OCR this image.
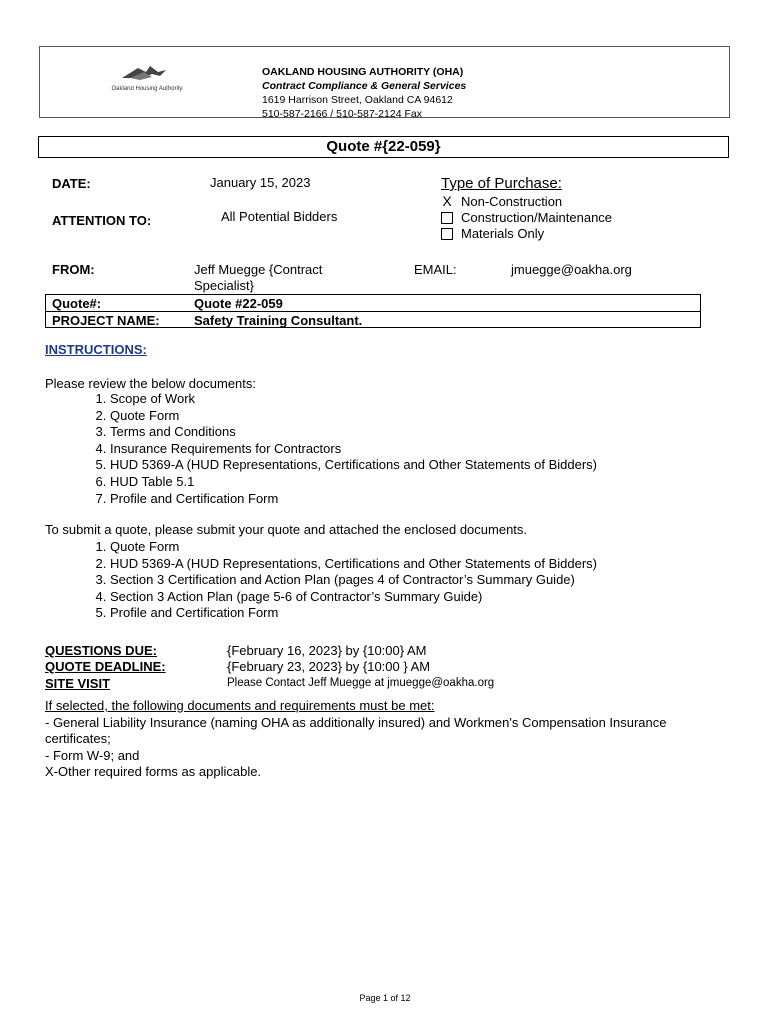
Oakland Housing Authority
OAKLAND HOUSING AUTHORITY (OHA)
Contract Compliance & General Services
1619 Harrison Street, Oakland CA 94612
510-587-2166 / 510-587-2124 Fax
Quote #{22-059}
DATE:	January 15, 2023
ATTENTION TO:	All Potential Bidders
Type of Purchase:
X Non-Construction
Construction/Maintenance
Materials Only
FROM:	Jeff Muegge {Contract
Specialist}
EMAIL:	jmuegge@oakha.org
Quote#:	Quote #22-059
PROJECT NAME:	Safety Training Consultant.
INSTRUCTIONS:
Please review the below documents:
1. Scope of Work
2. Quote Form
3. Terms and Conditions
4. Insurance Requirements for Contractors
5. HUD 5369-A (HUD Representations, Certifications and Other Statements of Bidders)
6. HUD Table 5.1
7. Profile and Certification Form
To submit a quote, please submit your quote and attached the enclosed documents.
1. Quote Form
2. HUD 5369-A (HUD Representations, Certifications and Other Statements of Bidders)
3. Section 3 Certification and Action Plan (pages 4 of Contractor’s Summary Guide)
4. Section 3 Action Plan (page 5-6 of Contractor’s Summary Guide)
5. Profile and Certification Form
QUESTIONS DUE:	{February 16, 2023} by {10:00} AM
QUOTE DEADLINE:	{February 23, 2023} by {10:00 } AM
SITE VISIT	Please Contact Jeff Muegge at jmuegge@oakha.org
If selected, the following documents and requirements must be met:
- General Liability Insurance (naming OHA as additionally insured) and Workmen's Compensation Insurance certificates;
- Form W-9; and
X-Other required forms as applicable.
Page 1 of 12
